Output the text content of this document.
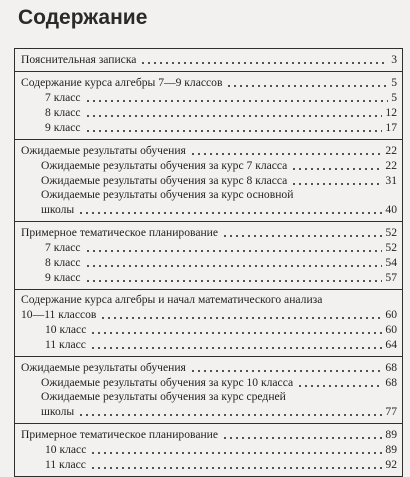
Содержание
Пояснительная записка	3
Содержание курса алгебры 7—9 классов	5
7 класс	5
8 класс	12
9 класс	17
Ожидаемые результаты обучения	22
Ожидаемые результаты обучения за курс 7 класса	22
Ожидаемые результаты обучения за курс 8 класса	31
Ожидаемые результаты обучения за курс основной
школы	40
Примерное тематическое планирование	52
7 класс	52
8 класс	54
9 класс	57
Содержание курса алгебры и начал математического анализа
10—11 классов	60
10 класс	60
11 класс	64
Ожидаемые результаты обучения	68
Ожидаемые результаты обучения за курс 10 класса	68
Ожидаемые результаты обучения за курс средней
школы	77
Примерное тематическое планирование	89
10 класс	89
11 класс	92
